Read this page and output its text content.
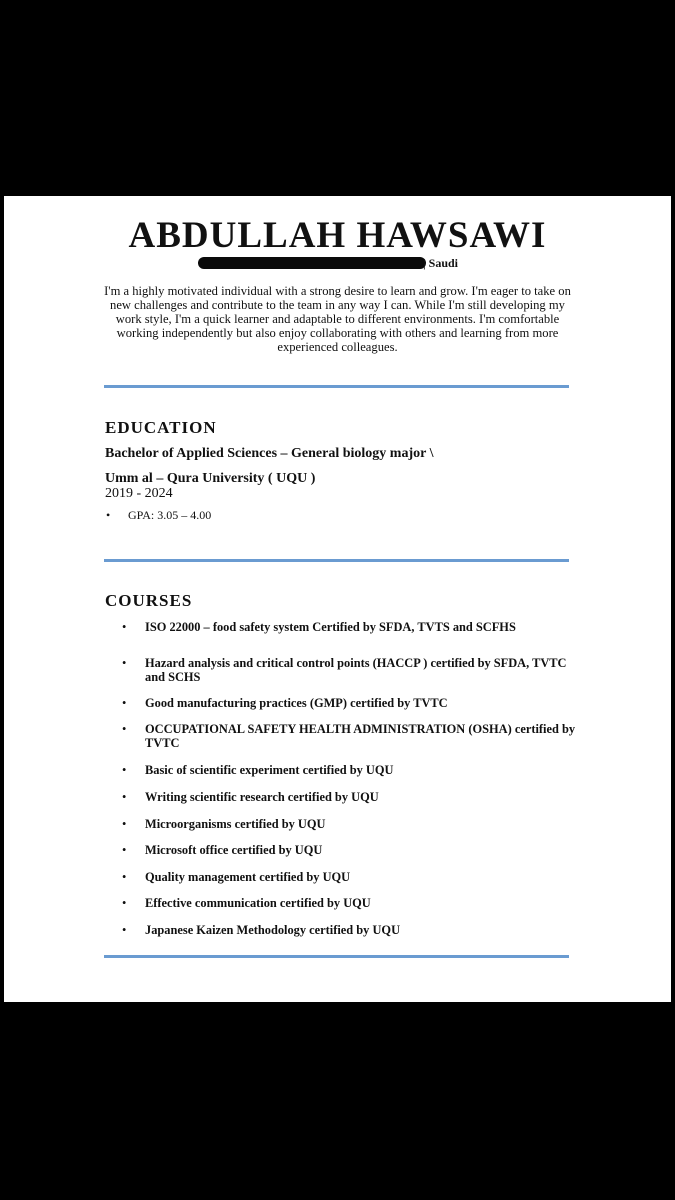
ABDULLAH HAWSAWI
| Saudi

I'm a highly motivated individual with a strong desire to learn and grow. I'm eager to take on new challenges and contribute to the team in any way I can. While I'm still developing my work style, I'm a quick learner and adaptable to different environments. I'm comfortable working independently but also enjoy collaborating with others and learning from more experienced colleagues.

EDUCATION

Bachelor of Applied Sciences – General biology major \

Umm al – Qura University ( UQU )

2019 - 2024

• GPA: 3.05 – 4.00
COURSES
• ISO 22000 – food safety system Certified by SFDA, TVTS and SCFHS
• Hazard analysis and critical control points (HACCP ) certified by SFDA, TVTC and SCHS
• Good manufacturing practices (GMP) certified by TVTC
• OCCUPATIONAL SAFETY HEALTH ADMINISTRATION (OSHA) certified by TVTC
• Basic of scientific experiment certified by UQU
• Writing scientific research certified by UQU
• Microorganisms certified by UQU
• Microsoft office certified by UQU
• Quality management certified by UQU
• Effective communication certified by UQU
• Japanese Kaizen Methodology certified by UQU
